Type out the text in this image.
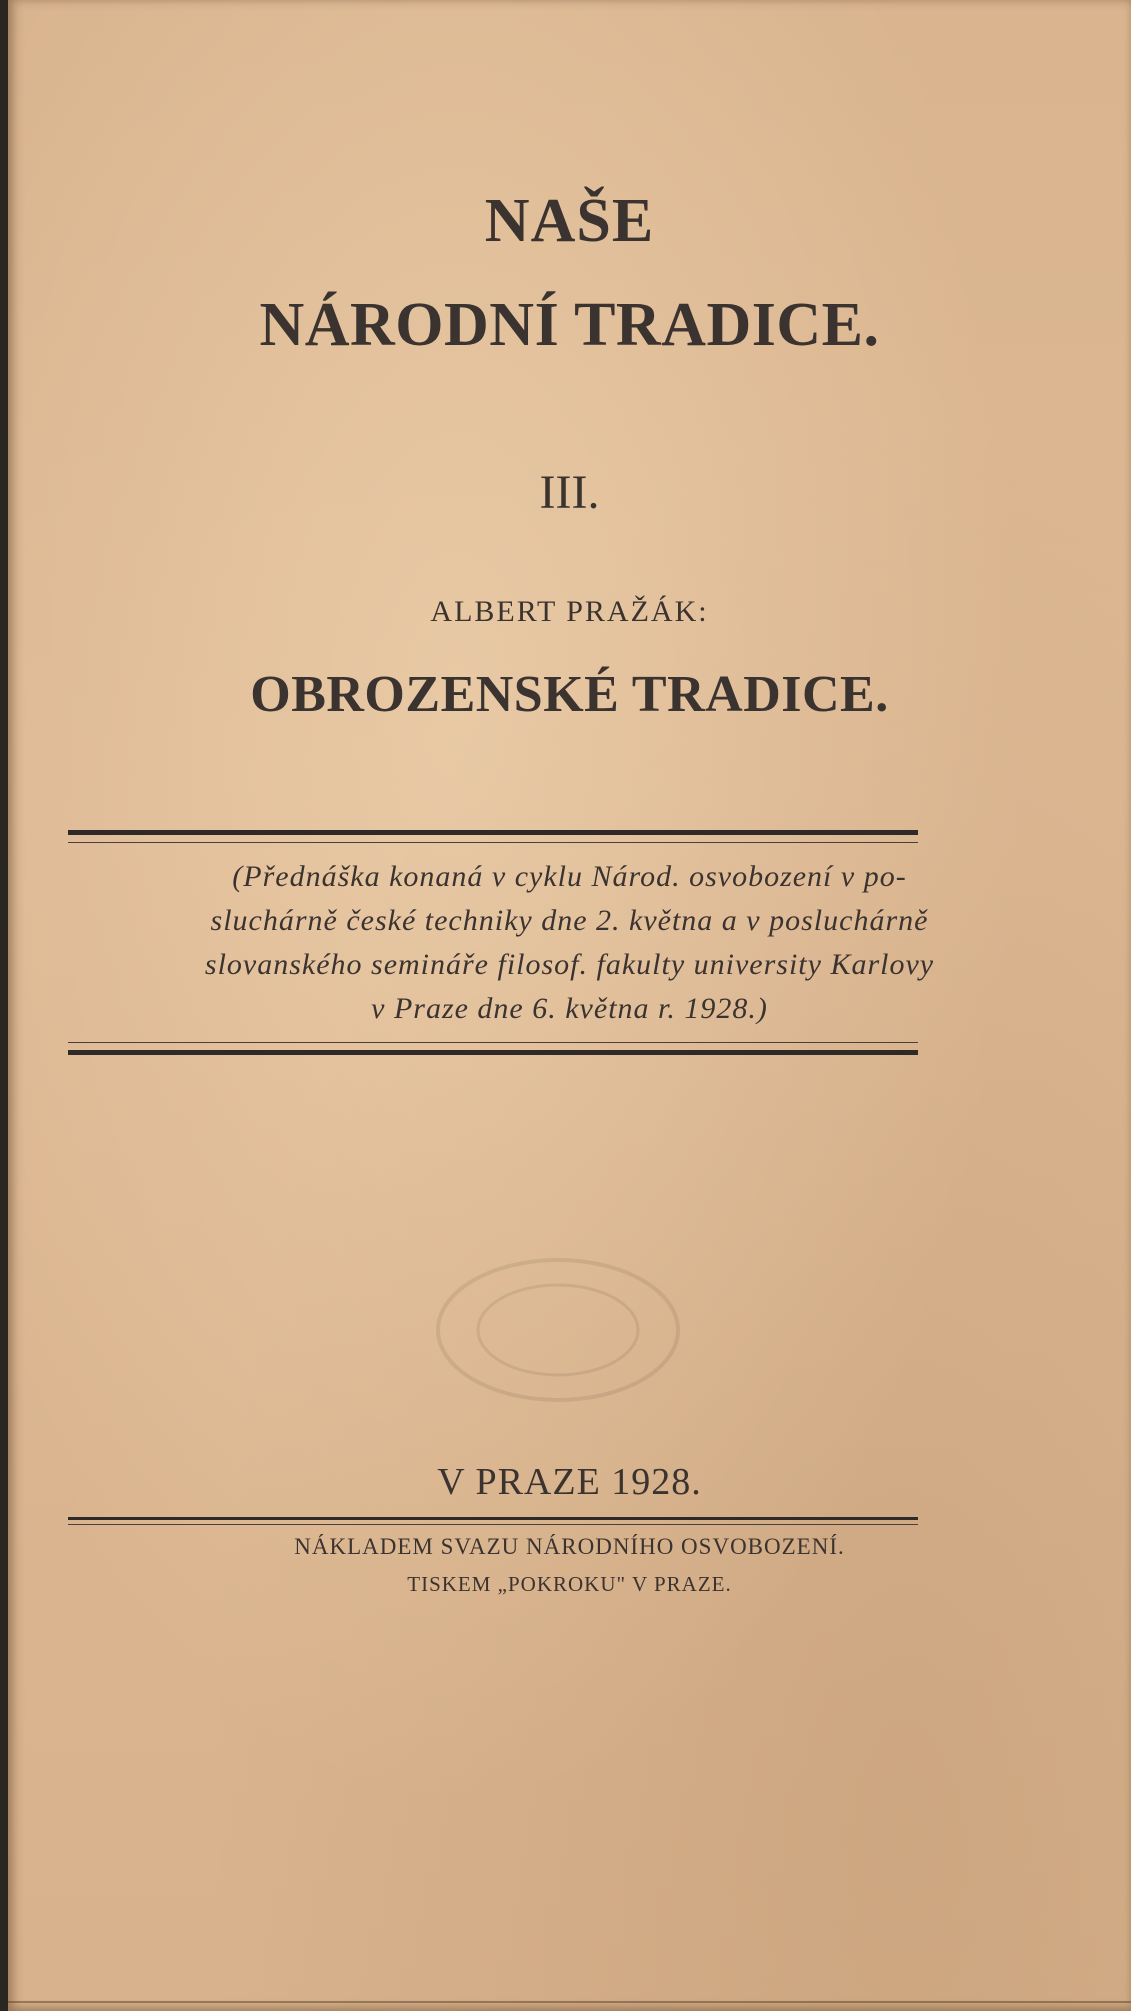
NAŠE
NÁRODNÍ TRADICE.
III.
ALBERT PRAŽÁK:
OBROZENSKÉ TRADICE.
(Přednáška konaná v cyklu Národ. osvobození v po-
sluchárně české techniky dne 2. května a v posluchárně
slovanského semináře filosof. fakulty university Karlovy
v Praze dne 6. května r. 1928.)
V PRAZE 1928.
NÁKLADEM SVAZU NÁRODNÍHO OSVOBOZENÍ.
TISKEM „POKROKU" V PRAZE.
